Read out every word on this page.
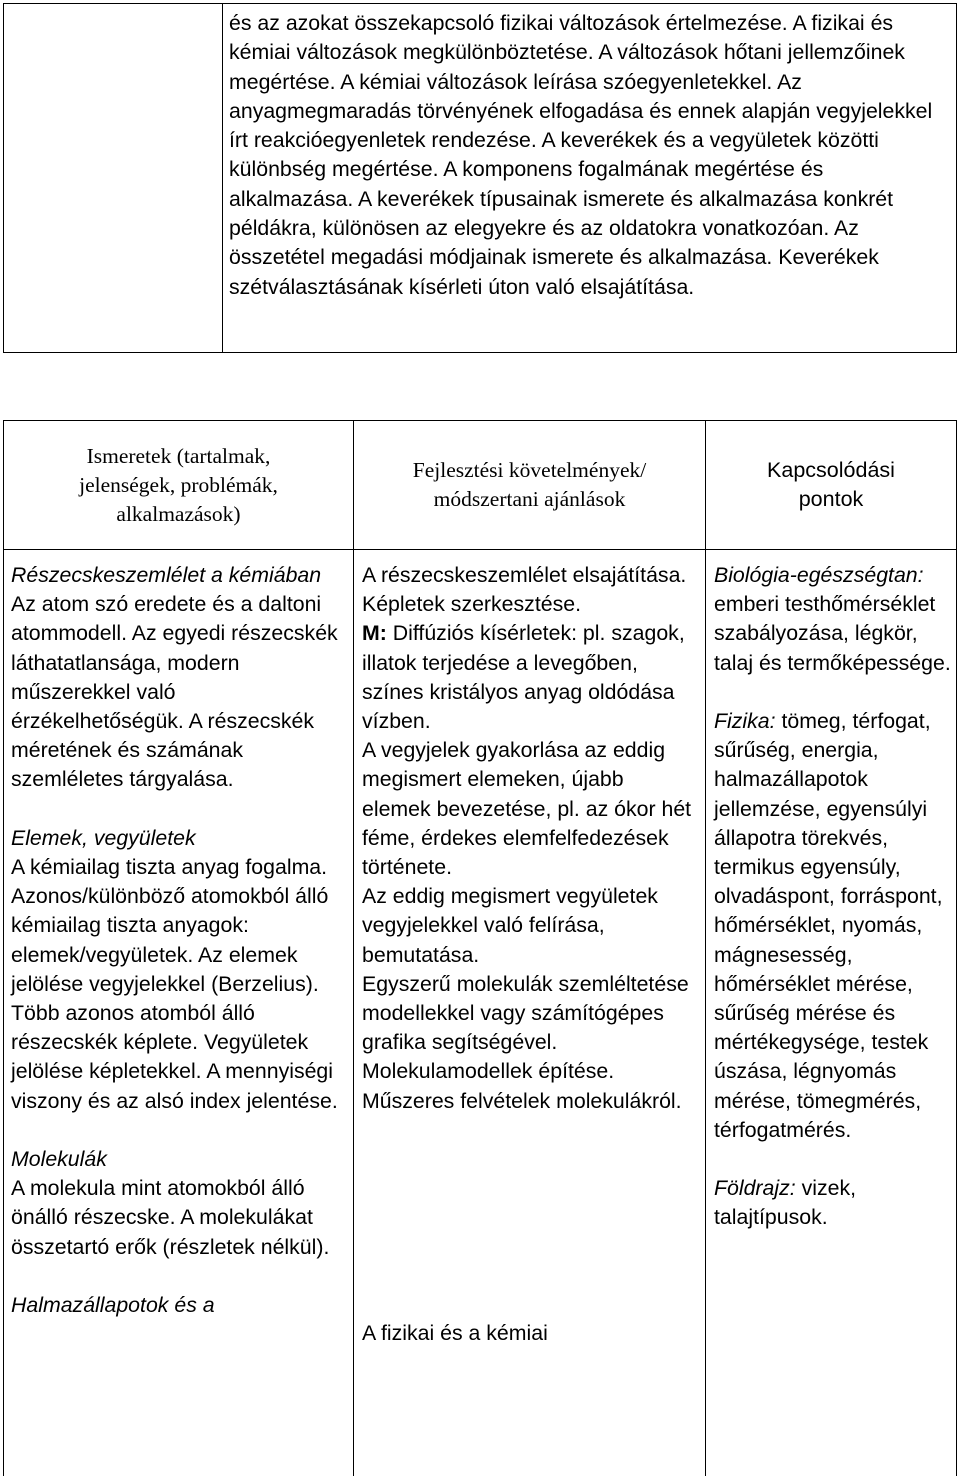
és az azokat összekapcsoló fizikai változások értelmezése. A fizikai és kémiai változások megkülönböztetése. A változások hőtani jellemzőinek megértése. A kémiai változások leírása szóegyenletekkel. Az anyagmegmaradás törvényének elfogadása és ennek alapján vegyjelekkel írt reakcióegyenletek rendezése. A keverékek és a vegyületek közötti különbség megértése. A komponens fogalmának megértése és alkalmazása. A keverékek típusainak ismerete és alkalmazása konkrét példákra, különösen az elegyekre és az oldatokra vonatkozóan. Az összetétel megadási módjainak ismerete és alkalmazása. Keverékek szétválasztásának kísérleti úton való elsajátítása.

Ismeretek (tartalmak, jelenségek, problémák, alkalmazások)
Fejlesztési követelmények/ módszertani ajánlások
Kapcsolódási pontok

Részecskeszemlélet a kémiában

Az atom szó eredete és a daltoni atommodell. Az egyedi részecskék láthatatlansága, modern műszerekkel való érzékelhetőségük. A részecskék méretének és számának szemléletes tárgyalása.

Elemek, vegyületek

A kémiailag tiszta anyag fogalma. Azonos/különböző atomokból álló kémiailag tiszta anyagok: elemek/vegyületek. Az elemek jelölése vegyjelekkel (Berzelius). Több azonos atomból álló részecskék képlete. Vegyületek jelölése képletekkel. A mennyiségi viszony és az alsó index jelentése.

Molekulák

A molekula mint atomokból álló önálló részecske. A molekulákat összetartó erők (részletek nélkül).

Halmazállapotok és a

A részecskeszemlélet elsajátítása. Képletek szerkesztése.

M: Diffúziós kísérletek: pl. szagok, illatok terjedése a levegőben, színes kristályos anyag oldódása vízben.

A vegyjelek gyakorlása az eddig megismert elemeken, újabb elemek bevezetése, pl. az ókor hét féme, érdekes elemfelfedezések története.

Az eddig megismert vegyületek vegyjelekkel való felírása, bemutatása.

Egyszerű molekulák szemléltetése modellekkel vagy számítógépes grafika segítségével.

Molekulamodellek építése.

Műszeres felvételek molekulákról.

A fizikai és a kémiai

Biológia-egészségtan: emberi testhőmérséklet szabályozása, légkör, talaj és termőképessége.

Fizika: tömeg, térfogat, sűrűség, energia, halmazállapotok jellemzése, egyensúlyi állapotra törekvés, termikus egyensúly, olvadáspont, forráspont, hőmérséklet, nyomás, mágnesesség, hőmérséklet mérése, sűrűség mérése és mértékegysége, testek úszása, légnyomás mérése, tömegmérés, térfogatmérés.

Földrajz: vizek, talajtípusok.
